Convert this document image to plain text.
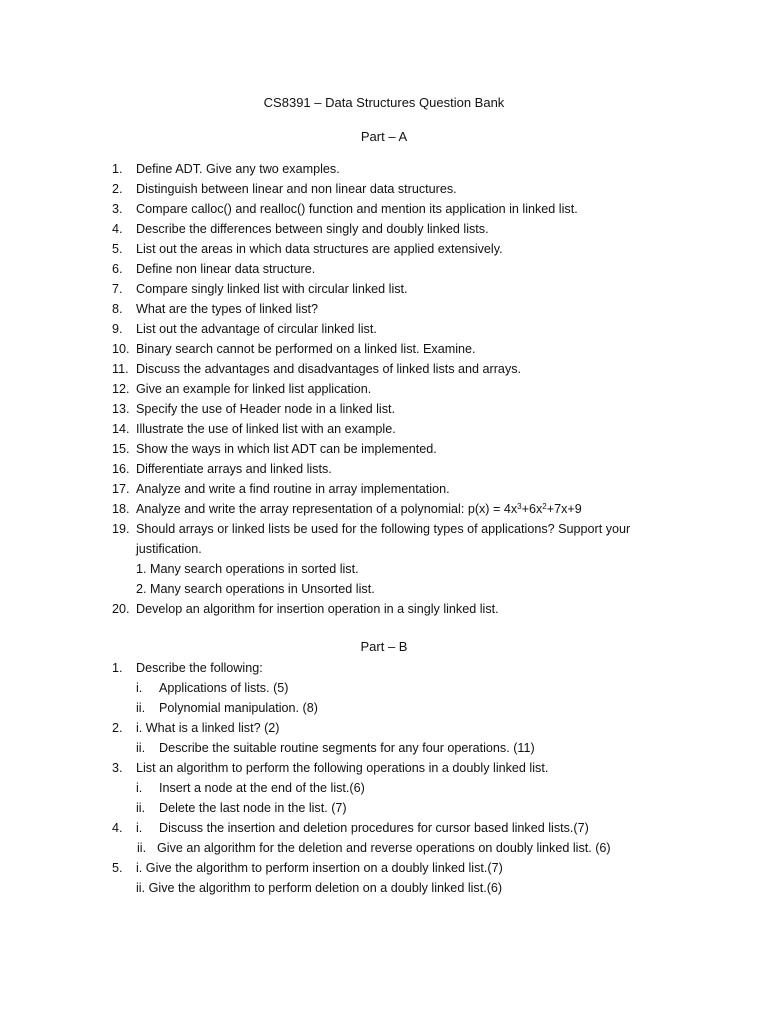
CS8391 – Data Structures Question Bank
Part – A
1. Define ADT. Give any two examples.
2. Distinguish between linear and non linear data structures.
3. Compare calloc() and realloc() function and mention its application in linked list.
4. Describe the differences between singly and doubly linked lists.
5. List out the areas in which data structures are applied extensively.
6. Define non linear data structure.
7. Compare singly linked list with circular linked list.
8. What are the types of linked list?
9. List out the advantage of circular linked list.
10. Binary search cannot be performed on a linked list. Examine.
11. Discuss the advantages and disadvantages of linked lists and arrays.
12. Give an example for linked list application.
13. Specify the use of Header node in a linked list.
14. Illustrate the use of linked list with an example.
15. Show the ways in which list ADT can be implemented.
16. Differentiate arrays and linked lists.
17. Analyze and write a find routine in array implementation.
18. Analyze and write the array representation of a polynomial: $p(x) = 4x^3+6x^2+7x+9$
19. Should arrays or linked lists be used for the following types of applications? Support your
justification.
1. Many search operations in sorted list.
2. Many search operations in Unsorted list.
20. Develop an algorithm for insertion operation in a singly linked list.
Part – B
1. Describe the following:
i. Applications of lists. (5)
ii. Polynomial manipulation. (8)
2. i. What is a linked list? (2)
ii. Describe the suitable routine segments for any four operations. (11)
3. List an algorithm to perform the following operations in a doubly linked list.
i. Insert a node at the end of the list.(6)
ii. Delete the last node in the list. (7)
4. i. Discuss the insertion and deletion procedures for cursor based linked lists.(7)
ii. Give an algorithm for the deletion and reverse operations on doubly linked list. (6)
5. i. Give the algorithm to perform insertion on a doubly linked list.(7)
ii. Give the algorithm to perform deletion on a doubly linked list.(6)
